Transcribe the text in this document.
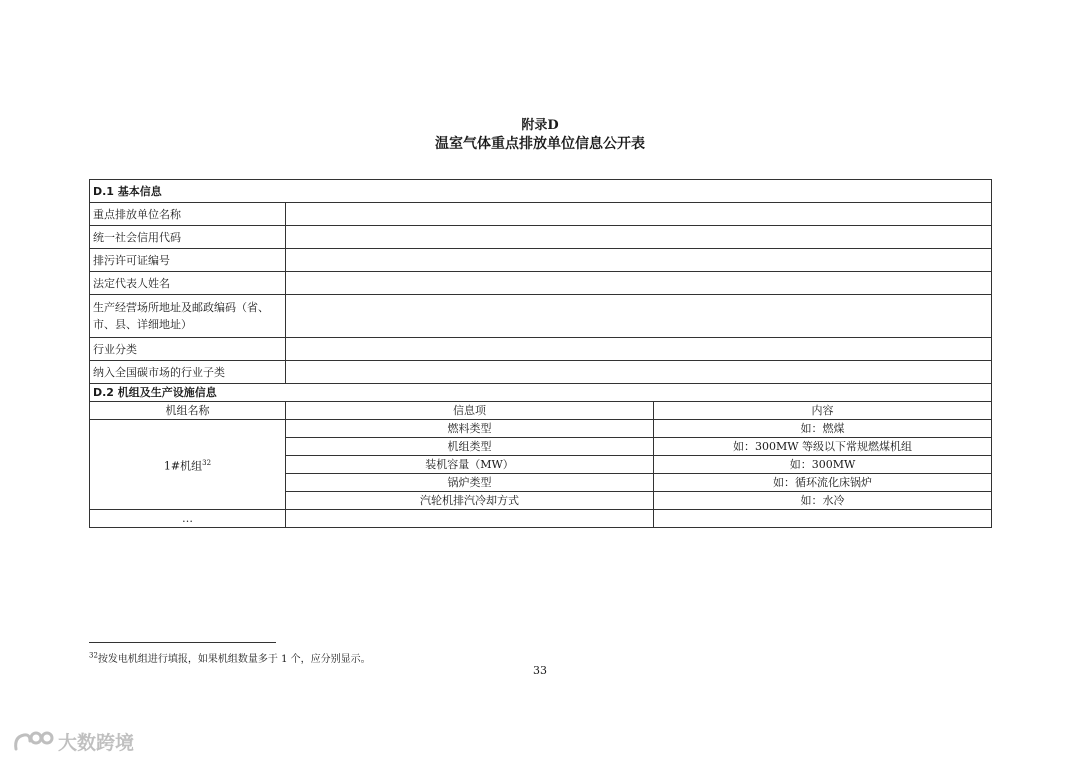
附录D
温室气体重点排放单位信息公开表
D.1 基本信息		
重点排放单位名称		
统一社会信用代码		
排污许可证编号		
法定代表人姓名		
生产经营场所地址及邮政编码（省、市、县、详细地址）		
行业分类		
纳入全国碳市场的行业子类		
D.2 机组及生产设施信息		
机组名称	信息项	内容
1#机组$^{32}$	燃料类型	如：燃煤
	机组类型	如：300MW 等级以下常规燃煤机组
	装机容量（MW）	如：300MW
	锅炉类型	如：循环流化床锅炉
	汽轮机排汽冷却方式	如：水冷
…		
$^{32}$按发电机组进行填报，如果机组数量多于 1 个，应分别显示。
33
大数跨境
